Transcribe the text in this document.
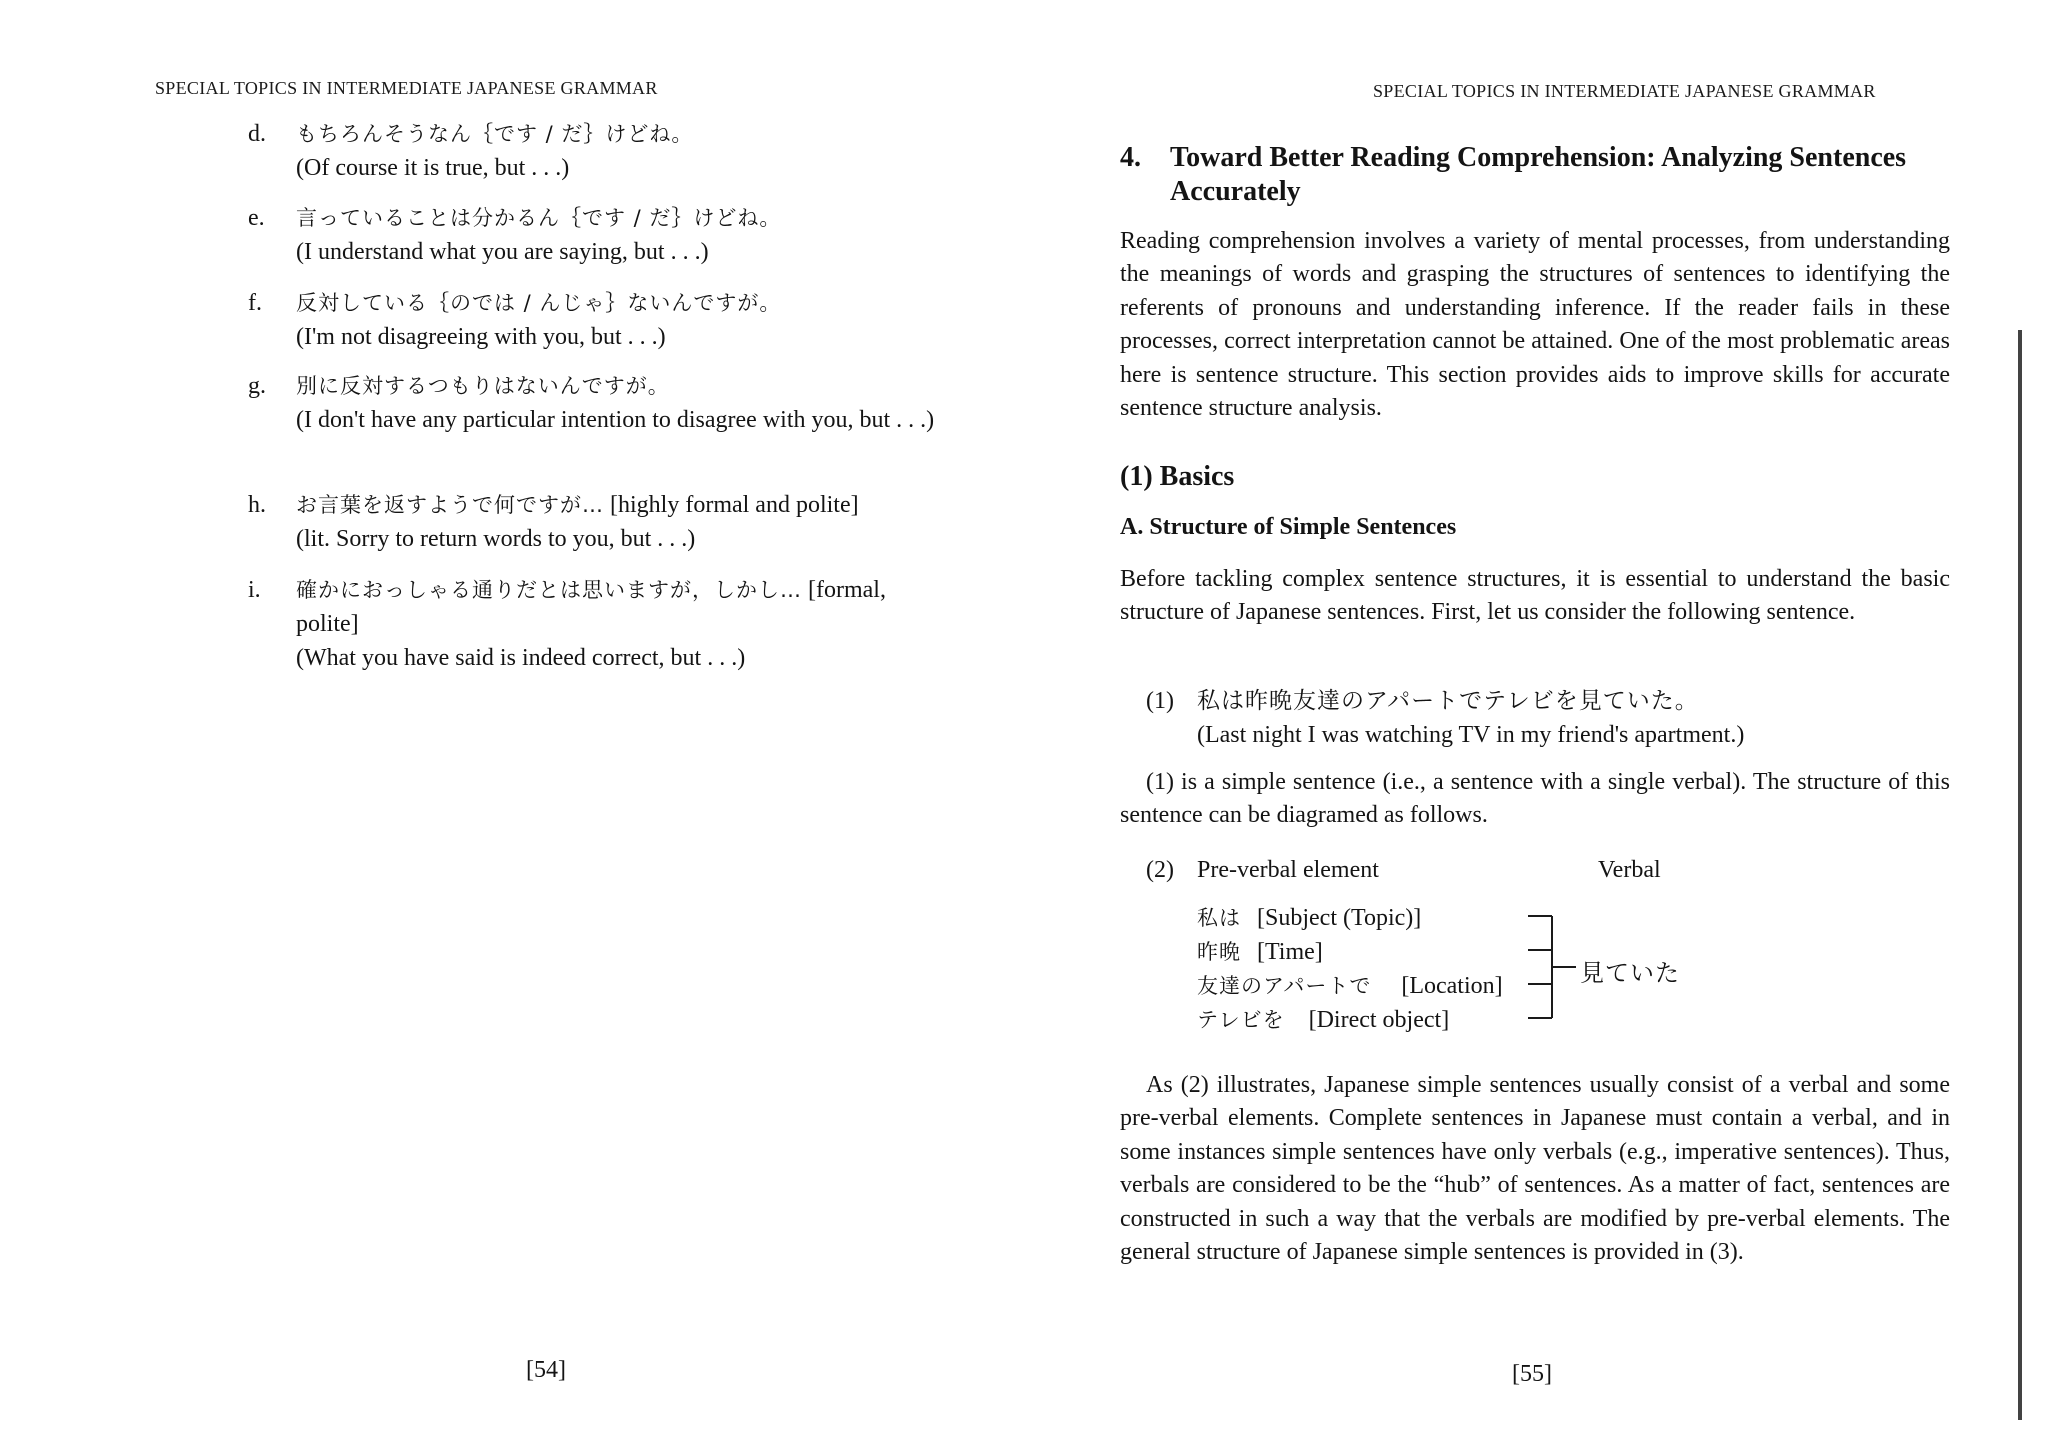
SPECIAL TOPICS IN INTERMEDIATE JAPANESE GRAMMAR
d. もちろんそうなん｛です / だ｝けどね。
(Of course it is true, but . . .)
e. 言っていることは分かるん｛です / だ｝けどね。
(I understand what you are saying, but . . .)
f. 反対している｛のでは / んじゃ｝ないんですが。
(I'm not disagreeing with you, but . . .)
g. 別に反対するつもりはないんですが。
(I don't have any particular intention to disagree with you, but . . .)
h. お言葉を返すようで何ですが… [highly formal and polite]
(lit. Sorry to return words to you, but . . .)
i. 確かにおっしゃる通りだとは思いますが，しかし… [formal, polite]
(What you have said is indeed correct, but . . .)
[54]
SPECIAL TOPICS IN INTERMEDIATE JAPANESE GRAMMAR
4. Toward Better Reading Comprehension: Analyzing Sentences Accurately
Reading comprehension involves a variety of mental processes, from understanding the meanings of words and grasping the structures of sentences to identifying the referents of pronouns and understanding inference. If the reader fails in these processes, correct interpretation cannot be attained. One of the most problematic areas here is sentence structure. This section provides aids to improve skills for accurate sentence structure analysis.
(1) Basics
A. Structure of Simple Sentences
Before tackling complex sentence structures, it is essential to understand the basic structure of Japanese sentences. First, let us consider the following sentence.
(1) 私は昨晩友達のアパートでテレビを見ていた。
(Last night I was watching TV in my friend's apartment.)
(1) is a simple sentence (i.e., a sentence with a single verbal). The structure of this sentence can be diagramed as follows.
(2) Pre-verbal element	Verbal
私は [Subject (Topic)]
昨晩 [Time]
友達のアパートで [Location]
テレビを [Direct object]
見ていた
As (2) illustrates, Japanese simple sentences usually consist of a verbal and some pre-verbal elements. Complete sentences in Japanese must contain a verbal, and in some instances simple sentences have only verbals (e.g., imperative sentences). Thus, verbals are considered to be the “hub” of sentences. As a matter of fact, sentences are constructed in such a way that the verbals are modified by pre-verbal elements. The general structure of Japanese simple sentences is provided in (3).
[55]
